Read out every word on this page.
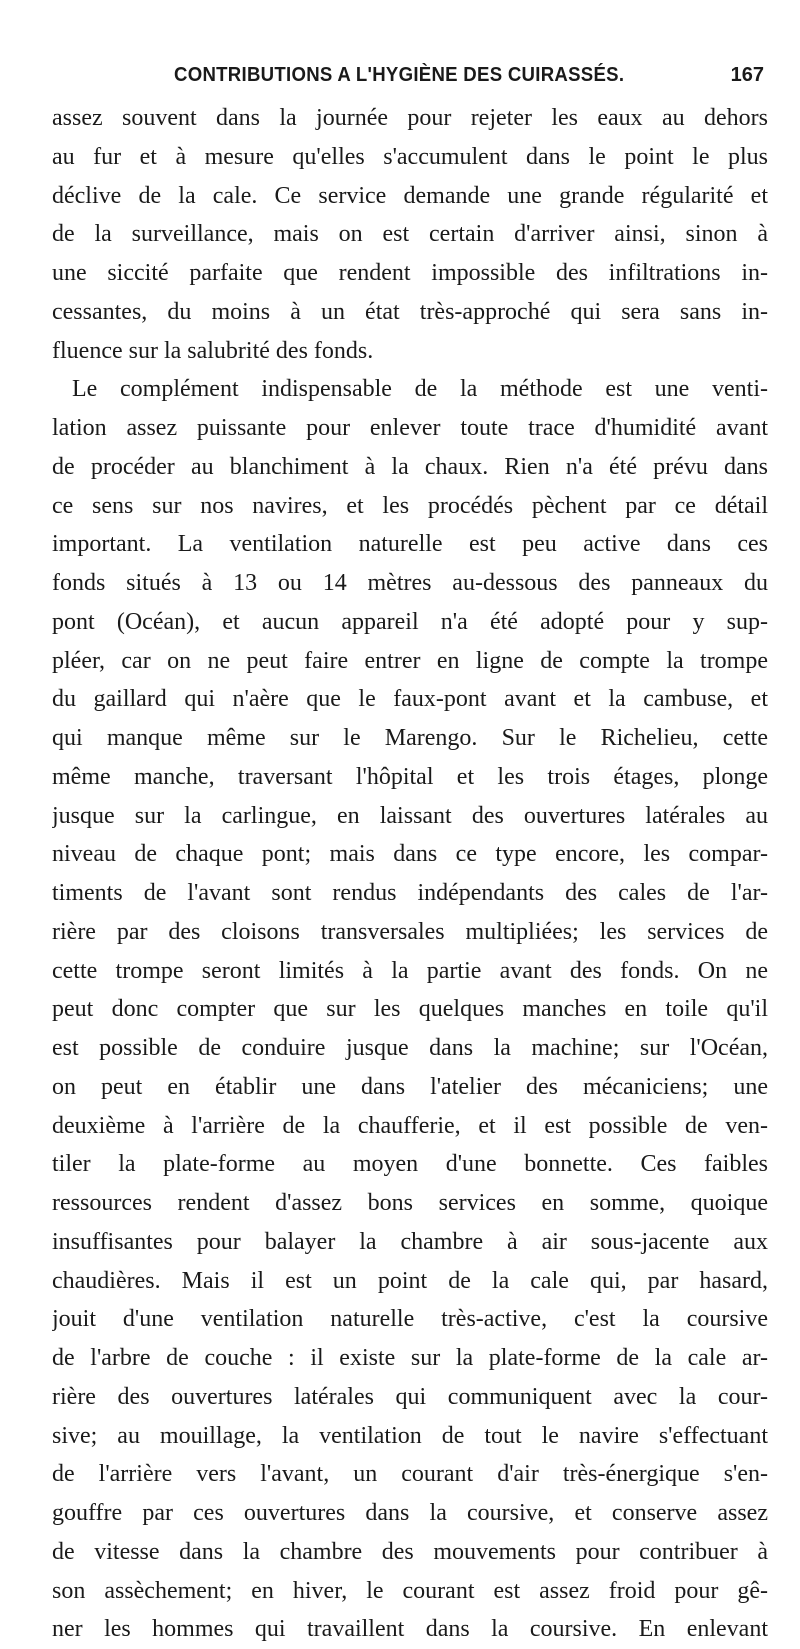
CONTRIBUTIONS A L'HYGIÈNE DES CUIRASSÉS.	167
assez souvent dans la journée pour rejeter les eaux au dehors
au fur et à mesure qu'elles s'accumulent dans le point le plus
déclive de la cale. Ce service demande une grande régularité et
de la surveillance, mais on est certain d'arriver ainsi, sinon à
une siccité parfaite que rendent impossible des infiltrations in-
cessantes, du moins à un état très-approché qui sera sans in-
fluence sur la salubrité des fonds.
Le complément indispensable de la méthode est une venti-
lation assez puissante pour enlever toute trace d'humidité avant
de procéder au blanchiment à la chaux. Rien n'a été prévu dans
ce sens sur nos navires, et les procédés pèchent par ce détail
important. La ventilation naturelle est peu active dans ces
fonds situés à 13 ou 14 mètres au-dessous des panneaux du
pont (Océan), et aucun appareil n'a été adopté pour y sup-
pléer, car on ne peut faire entrer en ligne de compte la trompe
du gaillard qui n'aère que le faux-pont avant et la cambuse, et
qui manque même sur le Marengo. Sur le Richelieu, cette
même manche, traversant l'hôpital et les trois étages, plonge
jusque sur la carlingue, en laissant des ouvertures latérales au
niveau de chaque pont; mais dans ce type encore, les compar-
timents de l'avant sont rendus indépendants des cales de l'ar-
rière par des cloisons transversales multipliées; les services de
cette trompe seront limités à la partie avant des fonds. On ne
peut donc compter que sur les quelques manches en toile qu'il
est possible de conduire jusque dans la machine; sur l'Océan,
on peut en établir une dans l'atelier des mécaniciens; une
deuxième à l'arrière de la chaufferie, et il est possible de ven-
tiler la plate-forme au moyen d'une bonnette. Ces faibles
ressources rendent d'assez bons services en somme, quoique
insuffisantes pour balayer la chambre à air sous-jacente aux
chaudières. Mais il est un point de la cale qui, par hasard,
jouit d'une ventilation naturelle très-active, c'est la coursive
de l'arbre de couche : il existe sur la plate-forme de la cale ar-
rière des ouvertures latérales qui communiquent avec la cour-
sive; au mouillage, la ventilation de tout le navire s'effectuant
de l'arrière vers l'avant, un courant d'air très-énergique s'en-
gouffre par ces ouvertures dans la coursive, et conserve assez
de vitesse dans la chambre des mouvements pour contribuer à
son assèchement; en hiver, le courant est assez froid pour gê-
ner les hommes qui travaillent dans la coursive. En enlevant
